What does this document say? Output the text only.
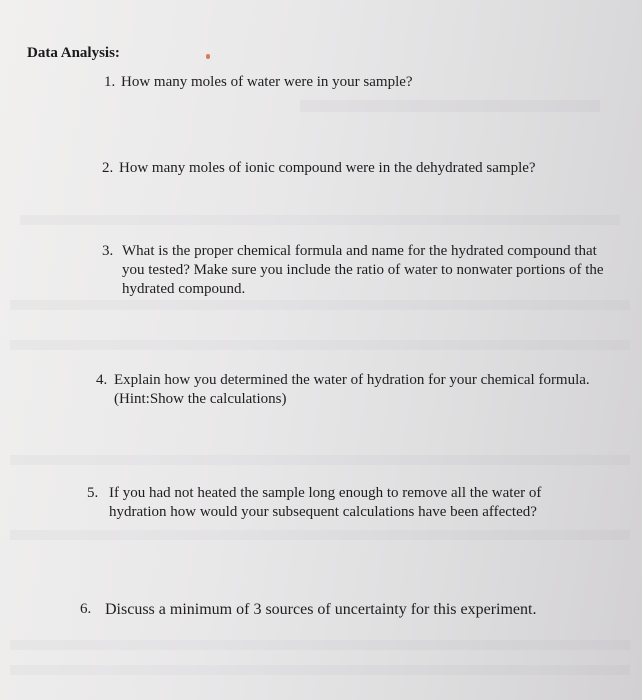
Data Analysis:
1. How many moles of water were in your sample?
2. How many moles of ionic compound were in the dehydrated sample?
3. What is the proper chemical formula and name for the hydrated compound that
you tested? Make sure you include the ratio of water to nonwater portions of the
hydrated compound.
4. Explain how you determined the water of hydration for your chemical formula.
(Hint:Show the calculations)
5. If you had not heated the sample long enough to remove all the water of
hydration how would your subsequent calculations have been affected?
6. Discuss a minimum of 3 sources of uncertainty for this experiment.
